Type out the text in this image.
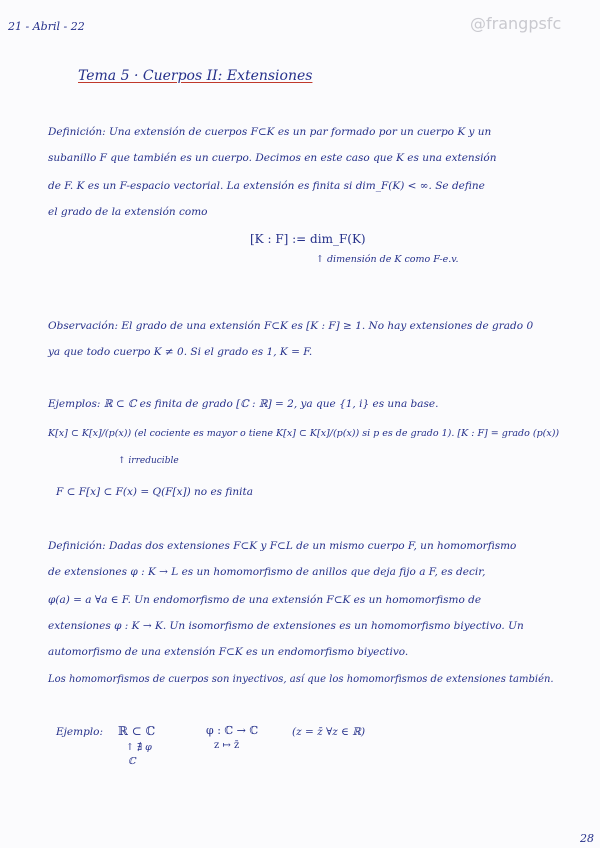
21 - Abril - 22	@frangpsfc
Tema 5 · Cuerpos II: Extensiones
Definición: Una extensión de cuerpos F⊂K es un par formado por un cuerpo K y un
subanillo F que también es un cuerpo. Decimos en este caso que K es una extensión
de F. K es un F-espacio vectorial. La extensión es finita si dim_F(K) < ∞. Se define
el grado de la extensión como
[K : F] := dim_F(K)
↑ dimensión de K como F-e.v.
Observación: El grado de una extensión F⊂K es [K : F] ≥ 1. No hay extensiones de grado 0
ya que todo cuerpo K ≠ 0. Si el grado es 1, K = F.
Ejemplos: ℝ ⊂ ℂ es finita de grado [ℂ : ℝ] = 2, ya que {1, i} es una base.
K[x] ⊂ K[x]/(p(x)) (el cociente es mayor o tiene K[x] ⊂ K[x]/(p(x)) si p es de grado 1). [K : F] = grado (p(x))
↑ irreducible
F ⊂ F[x] ⊂ F(x) = Q(F[x]) no es finita
Definición: Dadas dos extensiones F⊂K y F⊂L de un mismo cuerpo F, un homomorfismo
de extensiones φ : K → L es un homomorfismo de anillos que deja fijo a F, es decir,
φ(a) = a ∀a ∈ F. Un endomorfismo de una extensión F⊂K es un homomorfismo de
extensiones φ : K → K. Un isomorfismo de extensiones es un homomorfismo biyectivo. Un
automorfismo de una extensión F⊂K es un endomorfismo biyectivo.
Los homomorfismos de cuerpos son inyectivos, así que los homomorfismos de extensiones también.
Ejemplo: ℝ ⊂ ℂ
↑ ∄ φ
ℂ
φ : ℂ → ℂ
z ↦ z̄
(z = z̄ ∀z ∈ ℝ)
28
